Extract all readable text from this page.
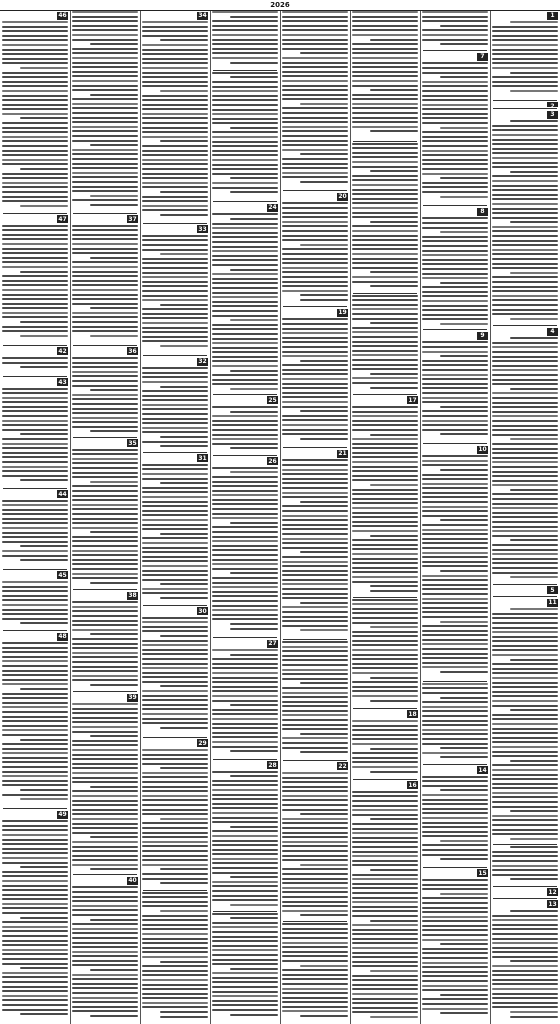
2026
1
2
3
4
5
11
12
13
7
8
9
10
14
15
17
18
16
20
19
21
22
24
25
26
27
28
34
33
32
31
30
29
37
36
35
38
39
40
46
47
42
43
44
45
48
49
